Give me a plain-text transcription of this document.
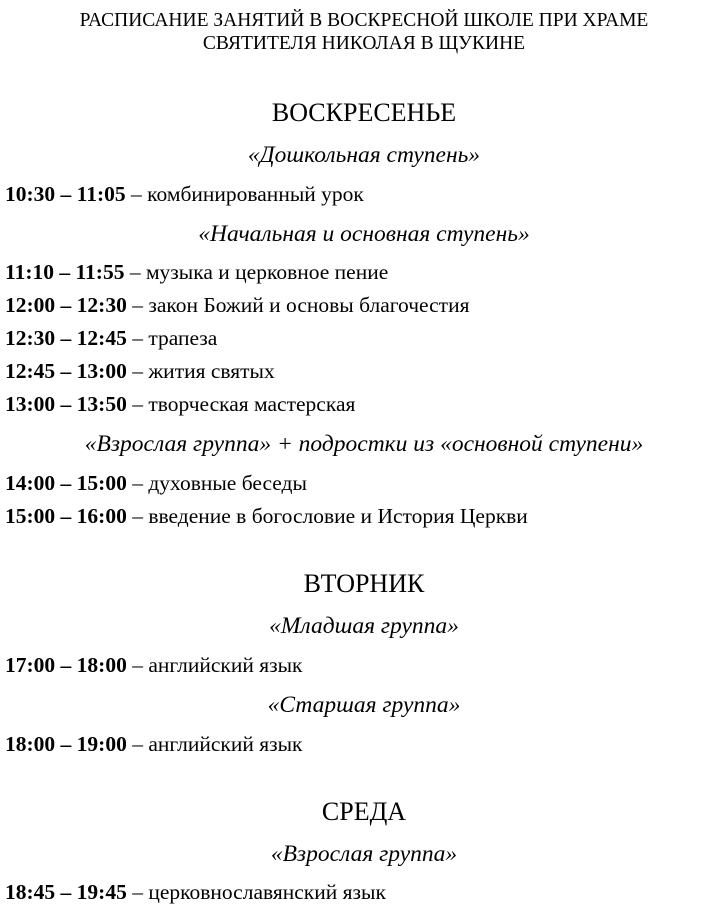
РАСПИСАНИЕ ЗАНЯТИЙ В ВОСКРЕСНОЙ ШКОЛЕ ПРИ ХРАМЕ
СВЯТИТЕЛЯ НИКОЛАЯ В ЩУКИНЕ
ВОСКРЕСЕНЬЕ
«Дошкольная ступень»
10:30 – 11:05 – комбинированный урок
«Начальная и основная ступень»
11:10 – 11:55 – музыка и церковное пение
12:00 – 12:30 – закон Божий и основы благочестия
12:30 – 12:45 – трапеза
12:45 – 13:00 – жития святых
13:00 – 13:50 – творческая мастерская
«Взрослая группа» + подростки из «основной ступени»
14:00 – 15:00 – духовные беседы
15:00 – 16:00 – введение в богословие и История Церкви
ВТОРНИК
«Младшая группа»
17:00 – 18:00 – английский язык
«Старшая группа»
18:00 – 19:00 – английский язык
СРЕДА
«Взрослая группа»
18:45 – 19:45 – церковнославянский язык
